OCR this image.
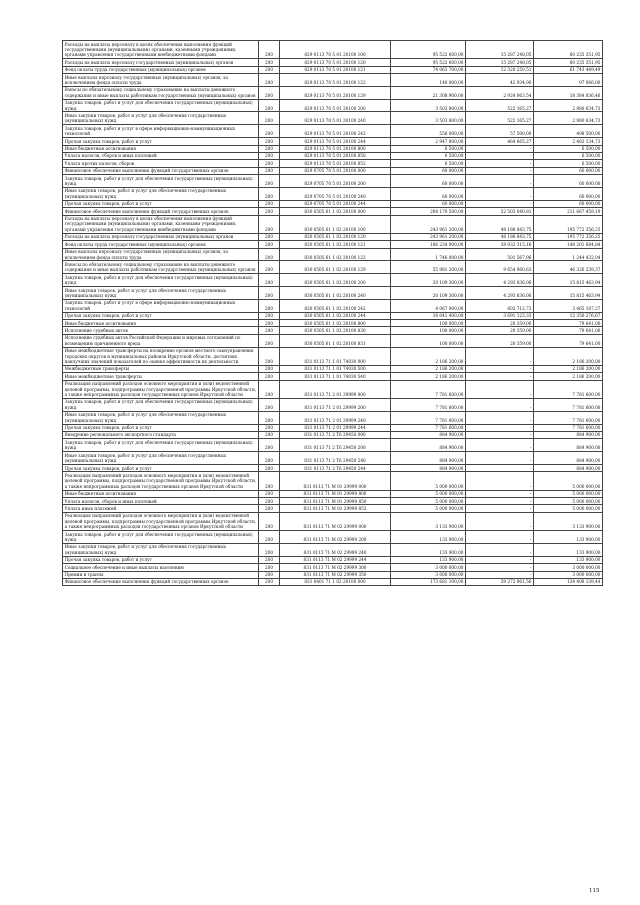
Расходы на выплаты персоналу в целях обеспечения выполнения функций государственными (муниципальными) органами, казенными учреждениями, органами управления государственными внебюджетными фондами	200	829 0113 70 5 01 20100 100	95 522 600,00	15 287 248,05	80 235 351,95
Расходы на выплаты персоналу государственных (муниципальных) органов	200	829 0113 70 5 01 20100 120	95 522 600,00	15 287 248,05	80 235 351,95
Фонд оплаты труда государственных (муниципальных) органов	200	829 0113 70 5 01 20100 121	74 063 700,00	12 320 250,51	61 743 449,49
Иные выплаты персоналу государственных (муниципальных) органов, за исключением фонда оплаты труда	200	829 0113 70 5 01 20100 122	140 000,00	42 934,00	97 066,00
Взносы по обязательному социальному страхованию на выплаты денежного содержания и иные выплаты работникам государственных (муниципальных) органов	200	829 0113 70 5 01 20100 129	21 308 900,00	2 924 063,54	18 384 836,46
Закупка товаров, работ и услуг для обеспечения государственных (муниципальных) нужд	200	829 0113 70 5 01 20100 200	3 503 800,00	522 165,27	2 980 634,73
Иные закупки товаров, работ и услуг для обеспечения государственных (муниципальных) нужд	200	829 0113 70 5 01 20100 240	3 503 800,00	522 165,27	2 980 634,73
Закупка товаров, работ и услуг в сфере информационно-коммуникационных технологий	200	829 0113 70 5 01 20100 242	556 000,00	57 500,00	498 500,00
Прочая закупка товаров, работ и услуг	200	829 0113 70 5 01 20100 244	2 947 800,00	464 665,27	2 482 134,73
Иные бюджетные ассигнования	200	829 0113 70 5 01 20100 800	6 500,00	-	6 500,00
Уплата налогов, сборов и иных платежей	200	829 0113 70 5 01 20100 850	6 500,00	-	6 500,00
Уплата прочих налогов, сборов	200	829 0113 70 5 01 20100 852	6 500,00	-	6 500,00
Финансовое обеспечение выполнения функций государственных органов	200	829 0705 70 5 01 20100 000	60 000,00	-	60 000,00
Закупка товаров, работ и услуг для обеспечения государственных (муниципальных) нужд	200	829 0705 70 5 01 20100 200	60 000,00	-	60 000,00
Иные закупки товаров, работ и услуг для обеспечения государственных (муниципальных) нужд	200	829 0705 70 5 01 20100 240	60 000,00	-	60 000,00
Прочая закупка товаров, работ и услуг	200	829 0705 70 5 01 20100 244	60 000,00	-	60 000,00
Финансовое обеспечение выполнения функций государственных органов	200	830 0505 61 1 02 20100 000	264 170 500,00	52 503 040,81	211 667 459,19
Расходы на выплаты персоналу в целях обеспечения выполнения функций государственными (муниципальными) органами, казенными учреждениями, органами управления государственными внебюджетными фондами	200	830 0505 61 1 02 20100 100	243 961 200,00	48 188 843,75	195 772 356,25
Расходы на выплаты персоналу государственных (муниципальных) органов	200	830 0505 61 1 02 20100 120	243 961 200,00	48 188 843,75	195 772 356,25
Фонд оплаты труда государственных (муниципальных) органов	200	830 0505 61 1 02 20100 121	186 234 000,00	38 032 315,16	148 201 684,84
Иные выплаты персоналу государственных (муниципальных) органов, за исключением фонда оплаты труда	200	830 0505 61 1 02 20100 122	1 746 000,00	501 567,96	1 244 432,04
Взносы по обязательному социальному страхованию на выплаты денежного содержания и иные выплаты работникам государственных (муниципальных) органов	200	830 0505 61 1 02 20100 129	55 981 200,00	9 654 960,63	46 326 239,37
Закупка товаров, работ и услуг для обеспечения государственных (муниципальных) нужд	200	830 0505 61 1 02 20100 200	20 109 300,00	4 293 836,06	15 815 463,94
Иные закупки товаров, работ и услуг для обеспечения государственных (муниципальных) нужд	200	830 0505 61 1 02 20100 240	20 109 300,00	4 293 836,06	15 815 463,94
Закупка товаров, работ и услуг в сфере информационно-коммуникационных технологий	200	830 0505 61 1 02 20100 242	4 067 900,00	602 712,73	3 465 187,27
Прочая закупка товаров, работ и услуг	200	830 0505 61 1 02 20100 244	16 041 400,00	3 691 123,33	12 350 276,67
Иные бюджетные ассигнования	200	830 0505 61 1 02 20100 800	100 000,00	20 359,00	79 641,00
Исполнение судебных актов	200	830 0505 61 1 02 20100 830	100 000,00	20 359,00	79 641,00
Исполнение судебных актов Российской Федерации и мировых соглашений по возмещению причиненного вреда	200	830 0505 61 1 02 20100 831	100 000,00	20 359,00	79 641,00
Иные межбюджетные трансферты на поощрение органов местного самоуправления городских округов и муниципальных районов Иркутской области, достигших наилучших значений показателей по оценке эффективности их деятельности	200	831 0113 71 1 01 74030 000	2 186 200,00	-	2 186 200,00
Межбюджетные трансферты	200	831 0113 71 1 01 74030 500	2 186 200,00	-	2 186 200,00
Иные межбюджетные трансферты	200	831 0113 71 1 01 74030 540	2 186 200,00	-	2 186 200,00
Реализация направлений расходов основного мероприятия и (или) ведомственной целевой программы, подпрограммы государственной программы Иркутской области, а также непрограммных расходов государственных органов Иркутской области	200	831 0113 71 2 01 29999 000	7 781 600,00	-	7 781 600,00
Закупка товаров, работ и услуг для обеспечения государственных (муниципальных) нужд	200	831 0113 71 2 01 29999 200	7 781 600,00	-	7 781 600,00
Иные закупки товаров, работ и услуг для обеспечения государственных (муниципальных) нужд	200	831 0113 71 2 01 29999 240	7 781 600,00	-	7 781 600,00
Прочая закупка товаров, работ и услуг	200	831 0113 71 2 01 29999 244	7 781 600,00	-	7 781 600,00
Внедрение регионального экспортного стандарта	200	831 0113 71 2 Т6 29450 000	884 900,00	-	884 900,00
Закупка товаров, работ и услуг для обеспечения государственных (муниципальных) нужд	200	831 0113 71 2 Т6 29450 200	884 900,00	-	884 900,00
Иные закупки товаров, работ и услуг для обеспечения государственных (муниципальных) нужд	200	831 0113 71 2 Т6 29450 240	884 900,00	-	884 900,00
Прочая закупка товаров, работ и услуг	200	831 0113 71 2 Т6 29450 244	884 900,00	-	884 900,00
Реализация направлений расходов основного мероприятия и (или) ведомственной целевой программы, подпрограммы государственной программы Иркутской области, а также непрограммных расходов государственных органов Иркутской области	200	831 0113 71 М 01 29999 000	5 000 000,00	-	5 000 000,00
Иные бюджетные ассигнования	200	831 0113 71 М 01 29999 800	5 000 000,00	-	5 000 000,00
Уплата налогов, сборов и иных платежей	200	831 0113 71 М 01 29999 850	5 000 000,00	-	5 000 000,00
Уплата иных платежей	200	831 0113 71 М 01 29999 853	5 000 000,00	-	5 000 000,00
Реализация направлений расходов основного мероприятия и (или) ведомственной целевой программы, подпрограммы государственной программы Иркутской области, а также непрограммных расходов государственных органов Иркутской области	200	831 0113 71 М 02 29999 000	3 133 900,00	-	3 133 900,00
Закупка товаров, работ и услуг для обеспечения государственных (муниципальных) нужд	200	831 0113 71 М 02 29999 200	133 900,00	-	133 900,00
Иные закупки товаров, работ и услуг для обеспечения государственных (муниципальных) нужд	200	831 0113 71 М 02 29999 240	133 900,00	-	133 900,00
Прочая закупка товаров, работ и услуг	200	831 0113 71 М 02 29999 244	133 900,00	-	133 900,00
Социальное обеспечение и иные выплаты населению	200	831 0113 71 М 02 29999 300	3 000 000,00	-	3 000 000,00
Премии и гранты	200	831 0113 71 М 02 29999 350	3 000 000,00	-	3 000 000,00
Финансовое обеспечение выполнения функций государственных органов	200	831 0401 71 1 02 20100 000	173 681 100,00	39 272 961,56	134 408 138,44
115
